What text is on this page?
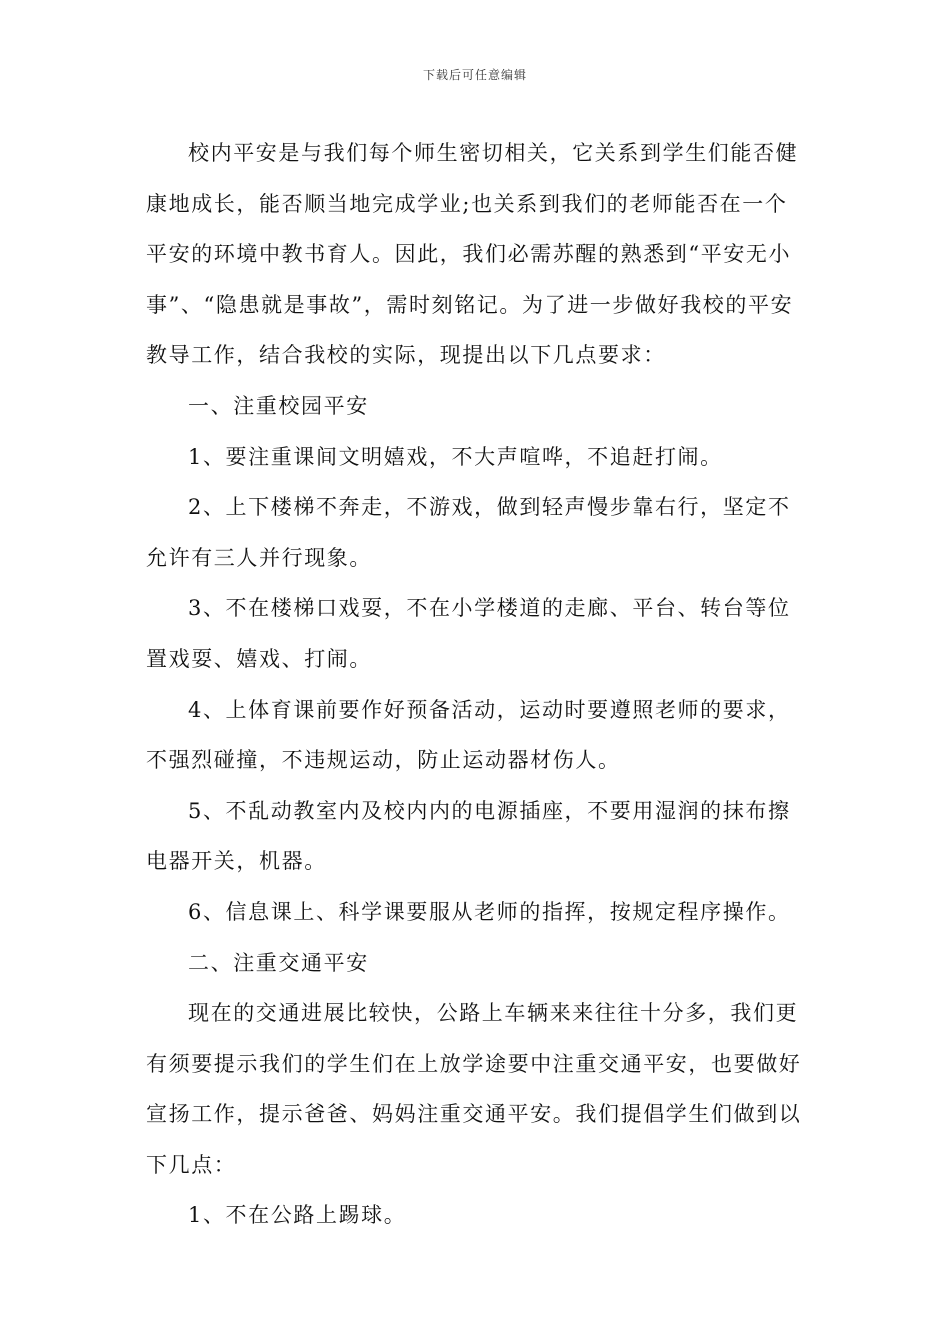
下载后可任意编辑

校内平安是与我们每个师生密切相关，它关系到学生们能否健康地成长，能否顺当地完成学业;也关系到我们的老师能否在一个平安的环境中教书育人。因此，我们必需苏醒的熟悉到“平安无小事”、“隐患就是事故”，需时刻铭记。为了进一步做好我校的平安教导工作，结合我校的实际，现提出以下几点要求：

一、注重校园平安

1、要注重课间文明嬉戏，不大声喧哗，不追赶打闹。

2、上下楼梯不奔走，不游戏，做到轻声慢步靠右行，坚定不允许有三人并行现象。

3、不在楼梯口戏耍，不在小学楼道的走廊、平台、转台等位置戏耍、嬉戏、打闹。

4、上体育课前要作好预备活动，运动时要遵照老师的要求，不强烈碰撞，不违规运动，防止运动器材伤人。

5、不乱动教室内及校内内的电源插座，不要用湿润的抹布擦电器开关，机器。

6、信息课上、科学课要服从老师的指挥，按规定程序操作。

二、注重交通平安

现在的交通进展比较快，公路上车辆来来往往十分多，我们更有须要提示我们的学生们在上放学途要中注重交通平安，也要做好宣扬工作，提示爸爸、妈妈注重交通平安。我们提倡学生们做到以下几点：

1、不在公路上踢球。
